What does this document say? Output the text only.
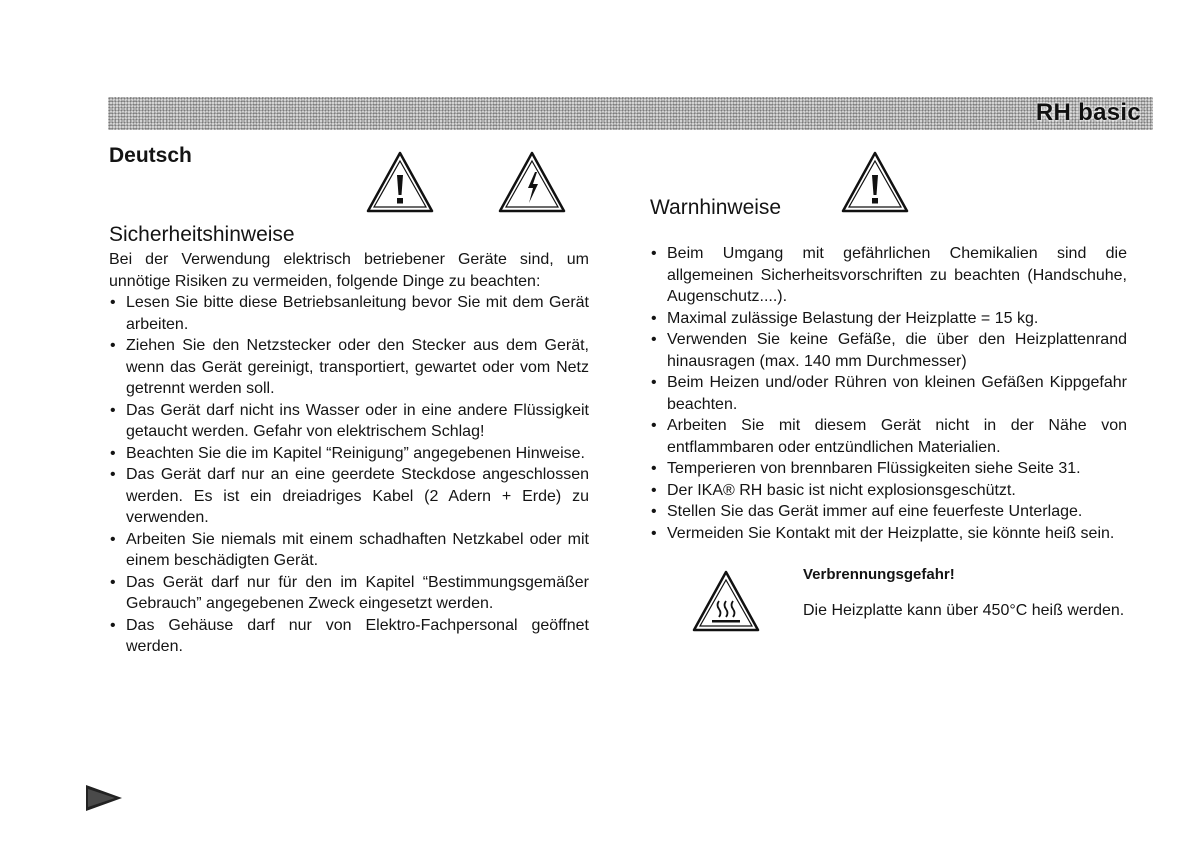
RH basic
Deutsch
Sicherheitshinweise
Bei der Verwendung elektrisch betriebener Geräte sind, um unnötige Risiken zu vermeiden, folgende Dinge zu beachten:
• Lesen Sie bitte diese Betriebsanleitung bevor Sie mit dem Gerät arbeiten.
• Ziehen Sie den Netzstecker oder den Stecker aus dem Gerät, wenn das Gerät gereinigt, transportiert, gewartet oder vom Netz getrennt werden soll.
• Das Gerät darf nicht ins Wasser oder in eine andere Flüssigkeit getaucht werden. Gefahr von elektrischem Schlag!
• Beachten Sie die im Kapitel “Reinigung” angegebenen Hinweise.
• Das Gerät darf nur an eine geerdete Steckdose angeschlossen werden. Es ist ein dreiadriges Kabel (2 Adern + Erde) zu verwenden.
• Arbeiten Sie niemals mit einem schadhaften Netzkabel oder mit einem beschädigten Gerät.
• Das Gerät darf nur für den im Kapitel “Bestimmungsgemäßer Gebrauch” angegebenen Zweck eingesetzt werden.
• Das Gehäuse darf nur von Elektro-Fachpersonal geöffnet werden.
Warnhinweise
• Beim Umgang mit gefährlichen Chemikalien sind die allgemeinen Sicherheitsvorschriften zu beachten (Handschuhe, Augenschutz....).
• Maximal zulässige Belastung der Heizplatte = 15 kg.
• Verwenden Sie keine Gefäße, die über den Heizplattenrand hinausragen (max. 140 mm Durchmesser)
• Beim Heizen und/oder Rühren von kleinen Gefäßen Kippgefahr beachten.
• Arbeiten Sie mit diesem Gerät nicht in der Nähe von entflammbaren oder entzündlichen Materialien.
• Temperieren von brennbaren Flüssigkeiten siehe Seite 31.
• Der IKA® RH basic ist nicht explosionsgeschützt.
• Stellen Sie das Gerät immer auf eine feuerfeste Unterlage.
• Vermeiden Sie Kontakt mit der Heizplatte, sie könnte heiß sein.
Verbrennungsgefahr!
Die Heizplatte kann über 450°C heiß werden.
